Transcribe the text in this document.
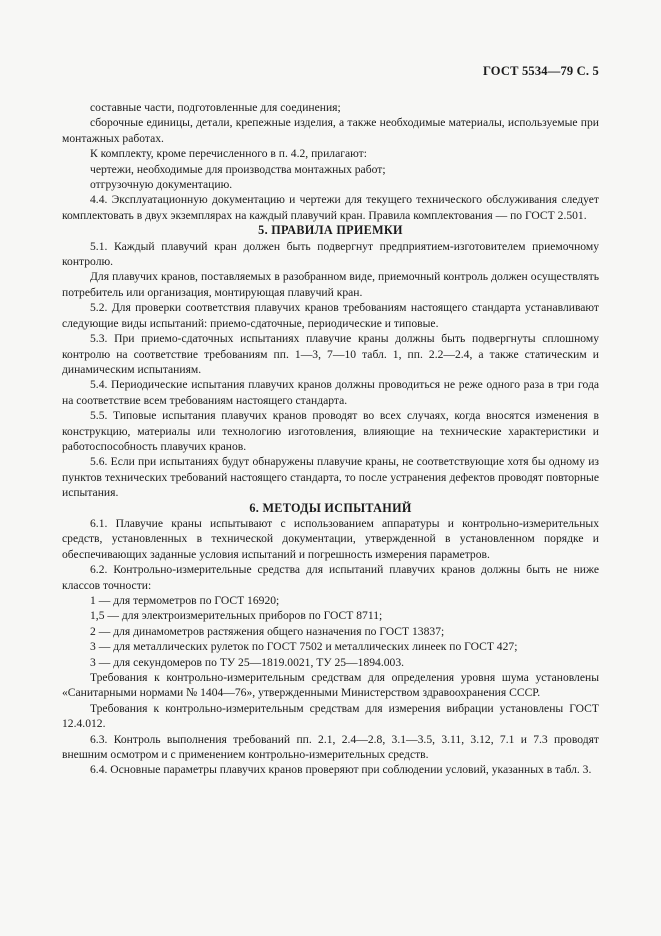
ГОСТ 5534—79 С. 5

составные части, подготовленные для соединения;

сборочные единицы, детали, крепежные изделия, а также необходимые материалы, используемые при монтажных работах.

К комплекту, кроме перечисленного в п. 4.2, прилагают:

чертежи, необходимые для производства монтажных работ;

отгрузочную документацию.

4.4. Эксплуатационную документацию и чертежи для текущего технического обслуживания следует комплектовать в двух экземплярах на каждый плавучий кран. Правила комплектования — по ГОСТ 2.501.

5. ПРАВИЛА ПРИЕМКИ

5.1. Каждый плавучий кран должен быть подвергнут предприятием-изготовителем приемочному контролю.

Для плавучих кранов, поставляемых в разобранном виде, приемочный контроль должен осуществлять потребитель или организация, монтирующая плавучий кран.

5.2. Для проверки соответствия плавучих кранов требованиям настоящего стандарта устанавливают следующие виды испытаний: приемо-сдаточные, периодические и типовые.

5.3. При приемо-сдаточных испытаниях плавучие краны должны быть подвергнуты сплошному контролю на соответствие требованиям пп. 1—3, 7—10 табл. 1, пп. 2.2—2.4, а также статическим и динамическим испытаниям.

5.4. Периодические испытания плавучих кранов должны проводиться не реже одного раза в три года на соответствие всем требованиям настоящего стандарта.

5.5. Типовые испытания плавучих кранов проводят во всех случаях, когда вносятся изменения в конструкцию, материалы или технологию изготовления, влияющие на технические характеристики и работоспособность плавучих кранов.

5.6. Если при испытаниях будут обнаружены плавучие краны, не соответствующие хотя бы одному из пунктов технических требований настоящего стандарта, то после устранения дефектов проводят повторные испытания.

6. МЕТОДЫ ИСПЫТАНИЙ

6.1. Плавучие краны испытывают с использованием аппаратуры и контрольно-измерительных средств, установленных в технической документации, утвержденной в установленном порядке и обеспечивающих заданные условия испытаний и погрешность измерения параметров.

6.2. Контрольно-измерительные средства для испытаний плавучих кранов должны быть не ниже классов точности:

1 — для термометров по ГОСТ 16920;

1,5 — для электроизмерительных приборов по ГОСТ 8711;

2 — для динамометров растяжения общего назначения по ГОСТ 13837;

3 — для металлических рулеток по ГОСТ 7502 и металлических линеек по ГОСТ 427;

3 — для секундомеров по ТУ 25—1819.0021, ТУ 25—1894.003.

Требования к контрольно-измерительным средствам для определения уровня шума установлены «Санитарными нормами № 1404—76», утвержденными Министерством здравоохранения СССР.

Требования к контрольно-измерительным средствам для измерения вибрации установлены ГОСТ 12.4.012.

6.3. Контроль выполнения требований пп. 2.1, 2.4—2.8, 3.1—3.5, 3.11, 3.12, 7.1 и 7.3 проводят внешним осмотром и с применением контрольно-измерительных средств.

6.4. Основные параметры плавучих кранов проверяют при соблюдении условий, указанных в табл. 3.
